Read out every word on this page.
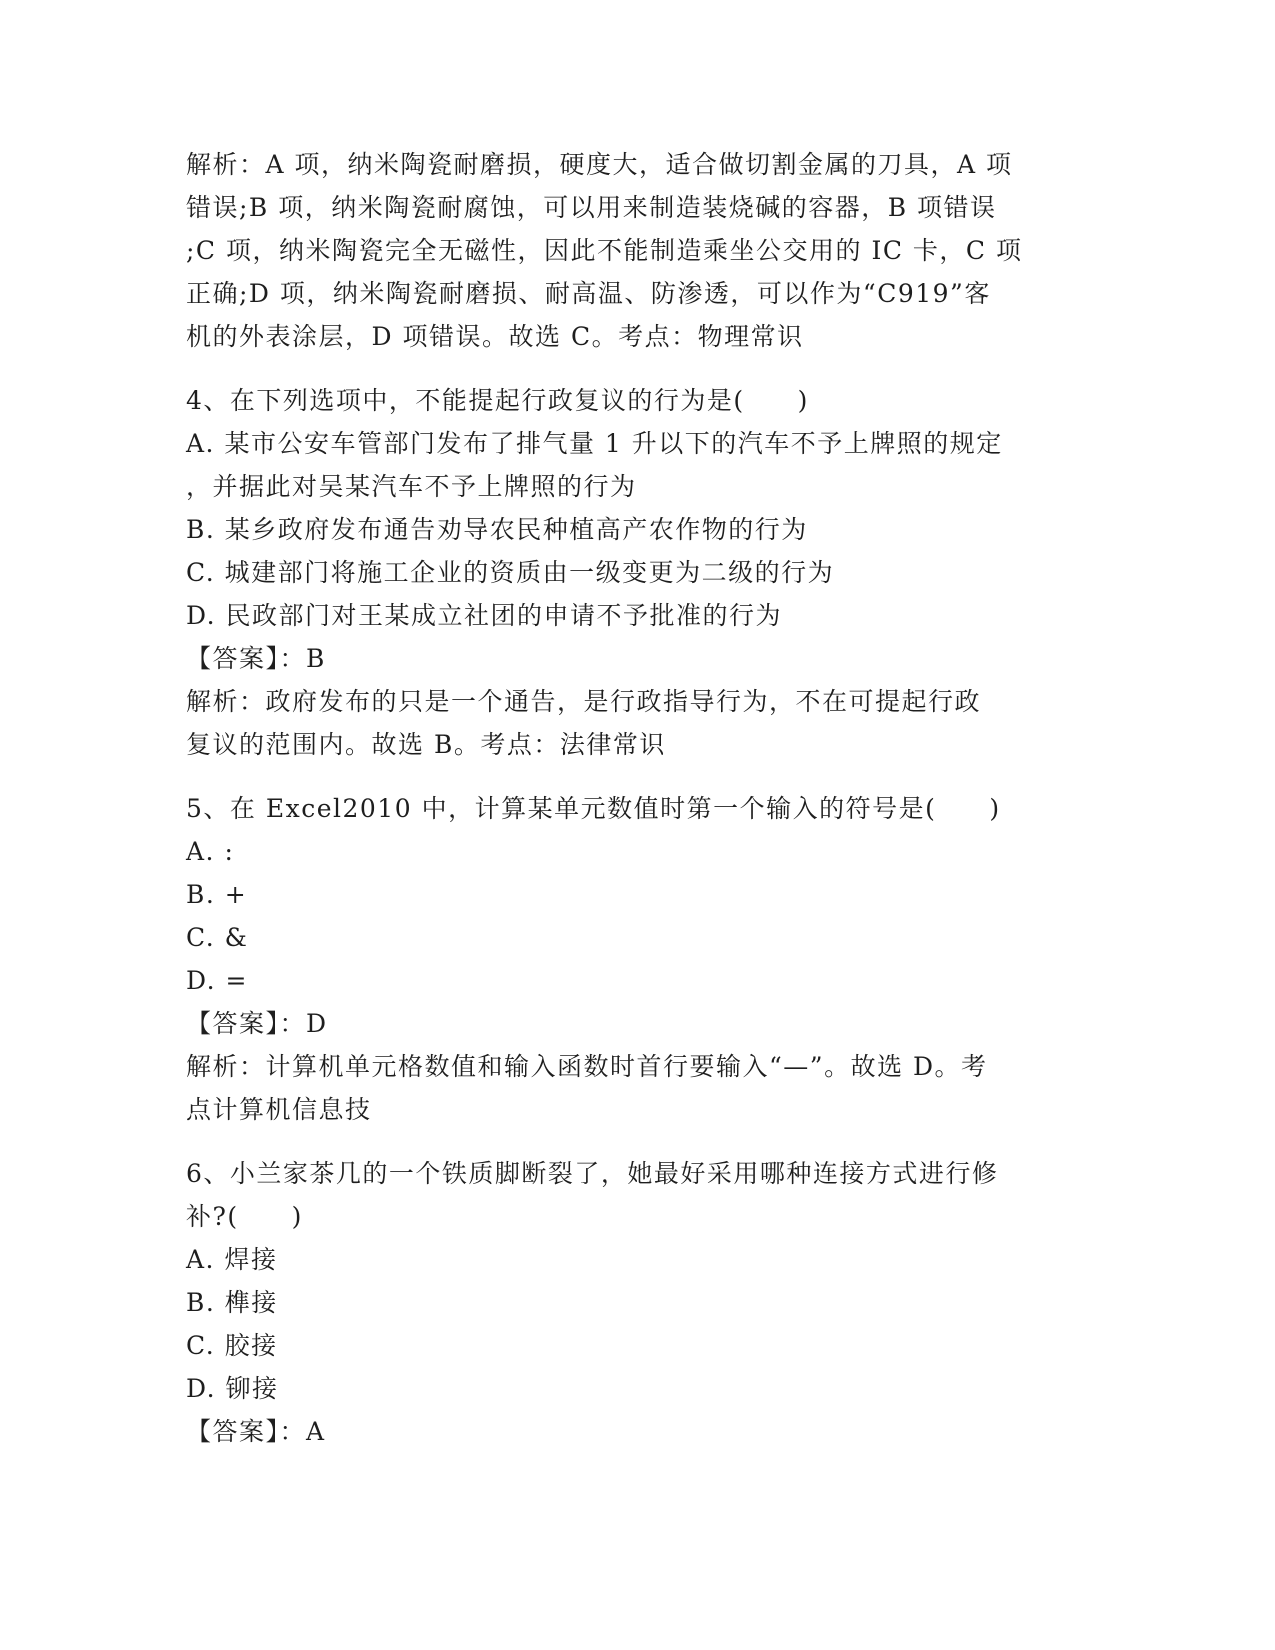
解析：A 项，纳米陶瓷耐磨损，硬度大，适合做切割金属的刀具，A 项
错误;B 项，纳米陶瓷耐腐蚀，可以用来制造装烧碱的容器，B 项错误
;C 项，纳米陶瓷完全无磁性，因此不能制造乘坐公交用的 IC 卡，C 项
正确;D 项，纳米陶瓷耐磨损、耐高温、防渗透，可以作为“C919”客
机的外表涂层，D 项错误。故选 C。考点：物理常识
4、在下列选项中，不能提起行政复议的行为是(　　)
A. 某市公安车管部门发布了排气量 1 升以下的汽车不予上牌照的规定
，并据此对吴某汽车不予上牌照的行为
B. 某乡政府发布通告劝导农民种植高产农作物的行为
C. 城建部门将施工企业的资质由一级变更为二级的行为
D. 民政部门对王某成立社团的申请不予批准的行为
【答案】：B
解析：政府发布的只是一个通告，是行政指导行为，不在可提起行政
复议的范围内。故选 B。考点：法律常识
5、在 Excel2010 中，计算某单元数值时第一个输入的符号是(　　)
A. :
B. +
C. &
D. =
【答案】：D
解析：计算机单元格数值和输入函数时首行要输入“—”。故选 D。考
点计算机信息技
6、小兰家茶几的一个铁质脚断裂了，她最好采用哪种连接方式进行修
补?(　　)
A. 焊接
B. 榫接
C. 胶接
D. 铆接
【答案】：A
